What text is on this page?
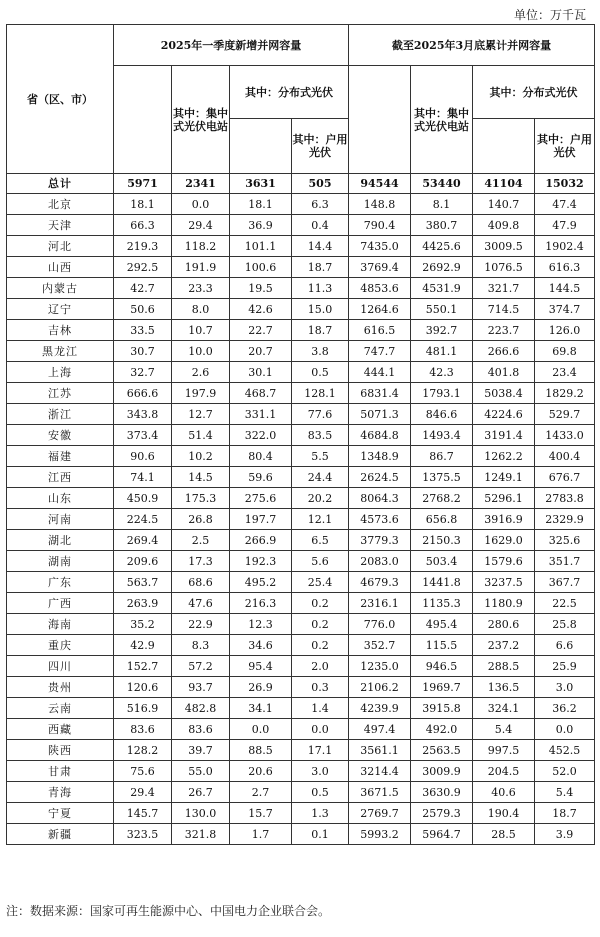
单位：万千瓦
省（区、市）	2025年一季度新增并网容量				截至2025年3月底累计并网容量			
		其中：集中式光伏电站	其中：分布式光伏			其中：集中式光伏电站	其中：分布式光伏	
				其中：户用光伏				其中：户用光伏
总计	5971	2341	3631	505	94544	53440	41104	15032
北京	18.1	0.0	18.1	6.3	148.8	8.1	140.7	47.4
天津	66.3	29.4	36.9	0.4	790.4	380.7	409.8	47.9
河北	219.3	118.2	101.1	14.4	7435.0	4425.6	3009.5	1902.4
山西	292.5	191.9	100.6	18.7	3769.4	2692.9	1076.5	616.3
内蒙古	42.7	23.3	19.5	11.3	4853.6	4531.9	321.7	144.5
辽宁	50.6	8.0	42.6	15.0	1264.6	550.1	714.5	374.7
吉林	33.5	10.7	22.7	18.7	616.5	392.7	223.7	126.0
黑龙江	30.7	10.0	20.7	3.8	747.7	481.1	266.6	69.8
上海	32.7	2.6	30.1	0.5	444.1	42.3	401.8	23.4
江苏	666.6	197.9	468.7	128.1	6831.4	1793.1	5038.4	1829.2
浙江	343.8	12.7	331.1	77.6	5071.3	846.6	4224.6	529.7
安徽	373.4	51.4	322.0	83.5	4684.8	1493.4	3191.4	1433.0
福建	90.6	10.2	80.4	5.5	1348.9	86.7	1262.2	400.4
江西	74.1	14.5	59.6	24.4	2624.5	1375.5	1249.1	676.7
山东	450.9	175.3	275.6	20.2	8064.3	2768.2	5296.1	2783.8
河南	224.5	26.8	197.7	12.1	4573.6	656.8	3916.9	2329.9
湖北	269.4	2.5	266.9	6.5	3779.3	2150.3	1629.0	325.6
湖南	209.6	17.3	192.3	5.6	2083.0	503.4	1579.6	351.7
广东	563.7	68.6	495.2	25.4	4679.3	1441.8	3237.5	367.7
广西	263.9	47.6	216.3	0.2	2316.1	1135.3	1180.9	22.5
海南	35.2	22.9	12.3	0.2	776.0	495.4	280.6	25.8
重庆	42.9	8.3	34.6	0.2	352.7	115.5	237.2	6.6
四川	152.7	57.2	95.4	2.0	1235.0	946.5	288.5	25.9
贵州	120.6	93.7	26.9	0.3	2106.2	1969.7	136.5	3.0
云南	516.9	482.8	34.1	1.4	4239.9	3915.8	324.1	36.2
西藏	83.6	83.6	0.0	0.0	497.4	492.0	5.4	0.0
陕西	128.2	39.7	88.5	17.1	3561.1	2563.5	997.5	452.5
甘肃	75.6	55.0	20.6	3.0	3214.4	3009.9	204.5	52.0
青海	29.4	26.7	2.7	0.5	3671.5	3630.9	40.6	5.4
宁夏	145.7	130.0	15.7	1.3	2769.7	2579.3	190.4	18.7
新疆	323.5	321.8	1.7	0.1	5993.2	5964.7	28.5	3.9
注：数据来源：国家可再生能源中心、中国电力企业联合会。
